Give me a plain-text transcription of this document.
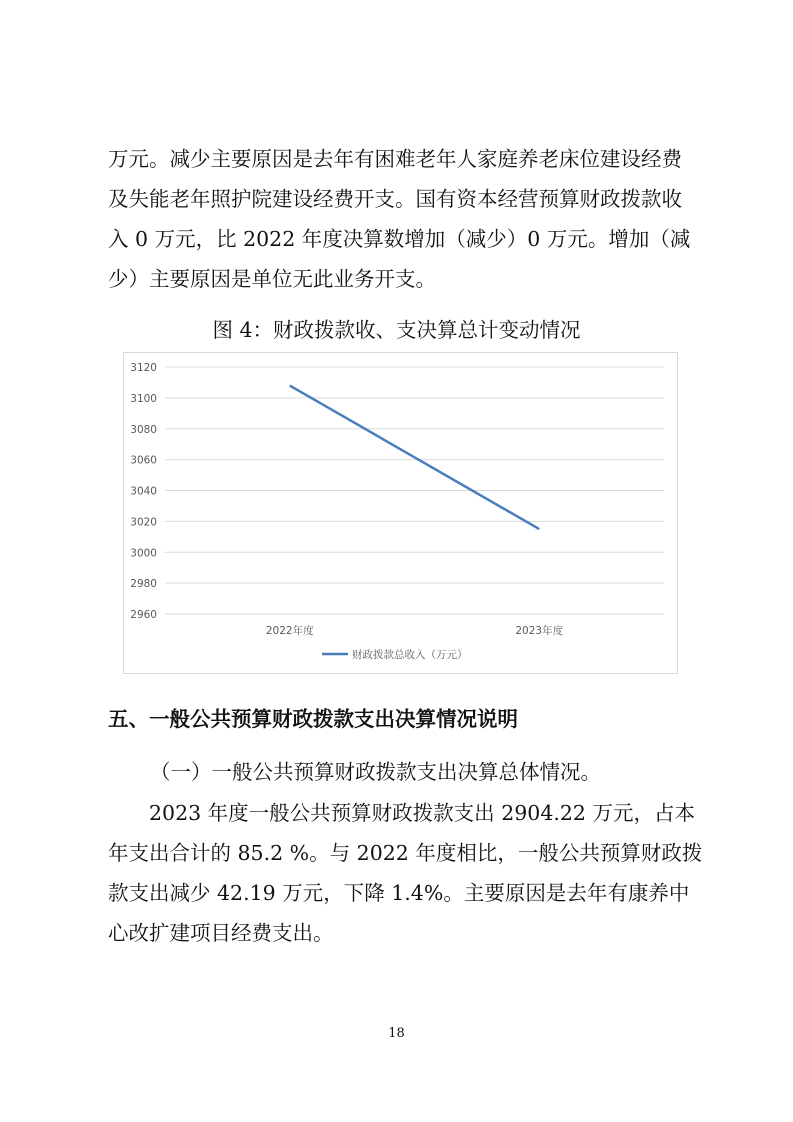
万元。减少主要原因是去年有困难老年人家庭养老床位建设经费
及失能老年照护院建设经费开支。国有资本经营预算财政拨款收
入 0 万元，比 2022 年度决算数增加（减少）0 万元。增加（减
少）主要原因是单位无此业务开支。
图 4：财政拨款收、支决算总计变动情况
2960
2980
3000
3020
3040
3060
3080
3100
3120
2022年度	2023年度
财政拨款总收入（万元）
五、一般公共预算财政拨款支出决算情况说明
（一）一般公共预算财政拨款支出决算总体情况。
　　2023 年度一般公共预算财政拨款支出 2904.22 万元，占本
年支出合计的 85.2 %。与 2022 年度相比，一般公共预算财政拨
款支出减少 42.19 万元，下降 1.4%。主要原因是去年有康养中
心改扩建项目经费支出。
18
